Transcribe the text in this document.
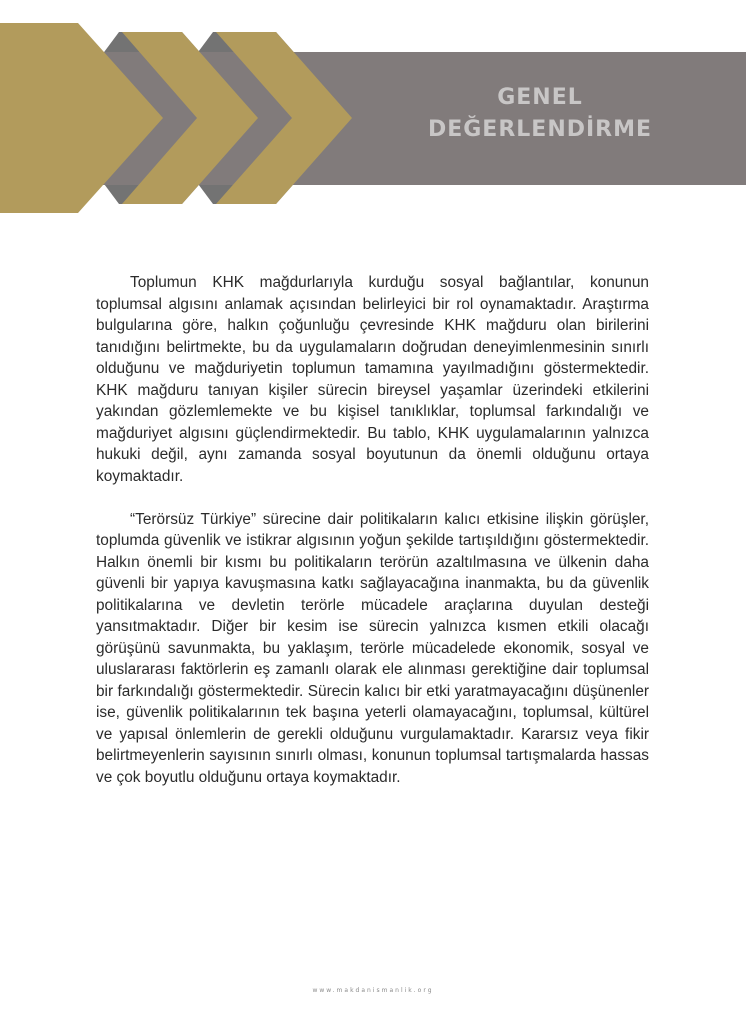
GENEL
DEĞERLENDİRME

Toplumun KHK mağdurlarıyla kurduğu sosyal bağlantılar, konunun toplumsal algısını anlamak açısından belirleyici bir rol oynamaktadır. Araştırma bulgularına göre, halkın çoğunluğu çevresinde KHK mağduru olan birilerini tanıdığını belirtmekte, bu da uygulamaların doğrudan deneyimlenmesinin sınırlı olduğunu ve mağduriyetin toplumun tamamına yayılmadığını göstermektedir. KHK mağduru tanıyan kişiler sürecin bireysel yaşamlar üzerindeki etkilerini yakından gözlemlemekte ve bu kişisel tanıklıklar, toplumsal farkındalığı ve mağduriyet algısını güçlendirmektedir. Bu tablo, KHK uygulamalarının yalnızca hukuki değil, aynı zamanda sosyal boyutunun da önemli olduğunu ortaya koymaktadır.

“Terörsüz Türkiye” sürecine dair politikaların kalıcı etkisine ilişkin görüşler, toplumda güvenlik ve istikrar algısının yoğun şekilde tartışıldığını göstermektedir. Halkın önemli bir kısmı bu politikaların terörün azaltılmasına ve ülkenin daha güvenli bir yapıya kavuşmasına katkı sağlayacağına inanmakta, bu da güvenlik politikalarına ve devletin terörle mücadele araçlarına duyulan desteği yansıtmaktadır. Diğer bir kesim ise sürecin yalnızca kısmen etkili olacağı görüşünü savunmakta, bu yaklaşım, terörle mücadelede ekonomik, sosyal ve uluslararası faktörlerin eş zamanlı olarak ele alınması gerektiğine dair toplumsal bir farkındalığı göstermektedir. Sürecin kalıcı bir etki yaratmayacağını düşünenler ise, güvenlik politikalarının tek başına yeterli olamayacağını, toplumsal, kültürel ve yapısal önlemlerin de gerekli olduğunu vurgulamaktadır. Kararsız veya fikir belirtmeyenlerin sayısının sınırlı olması, konunun toplumsal tartışmalarda hassas ve çok boyutlu olduğunu ortaya koymaktadır.

www.makdanismanlik.org
